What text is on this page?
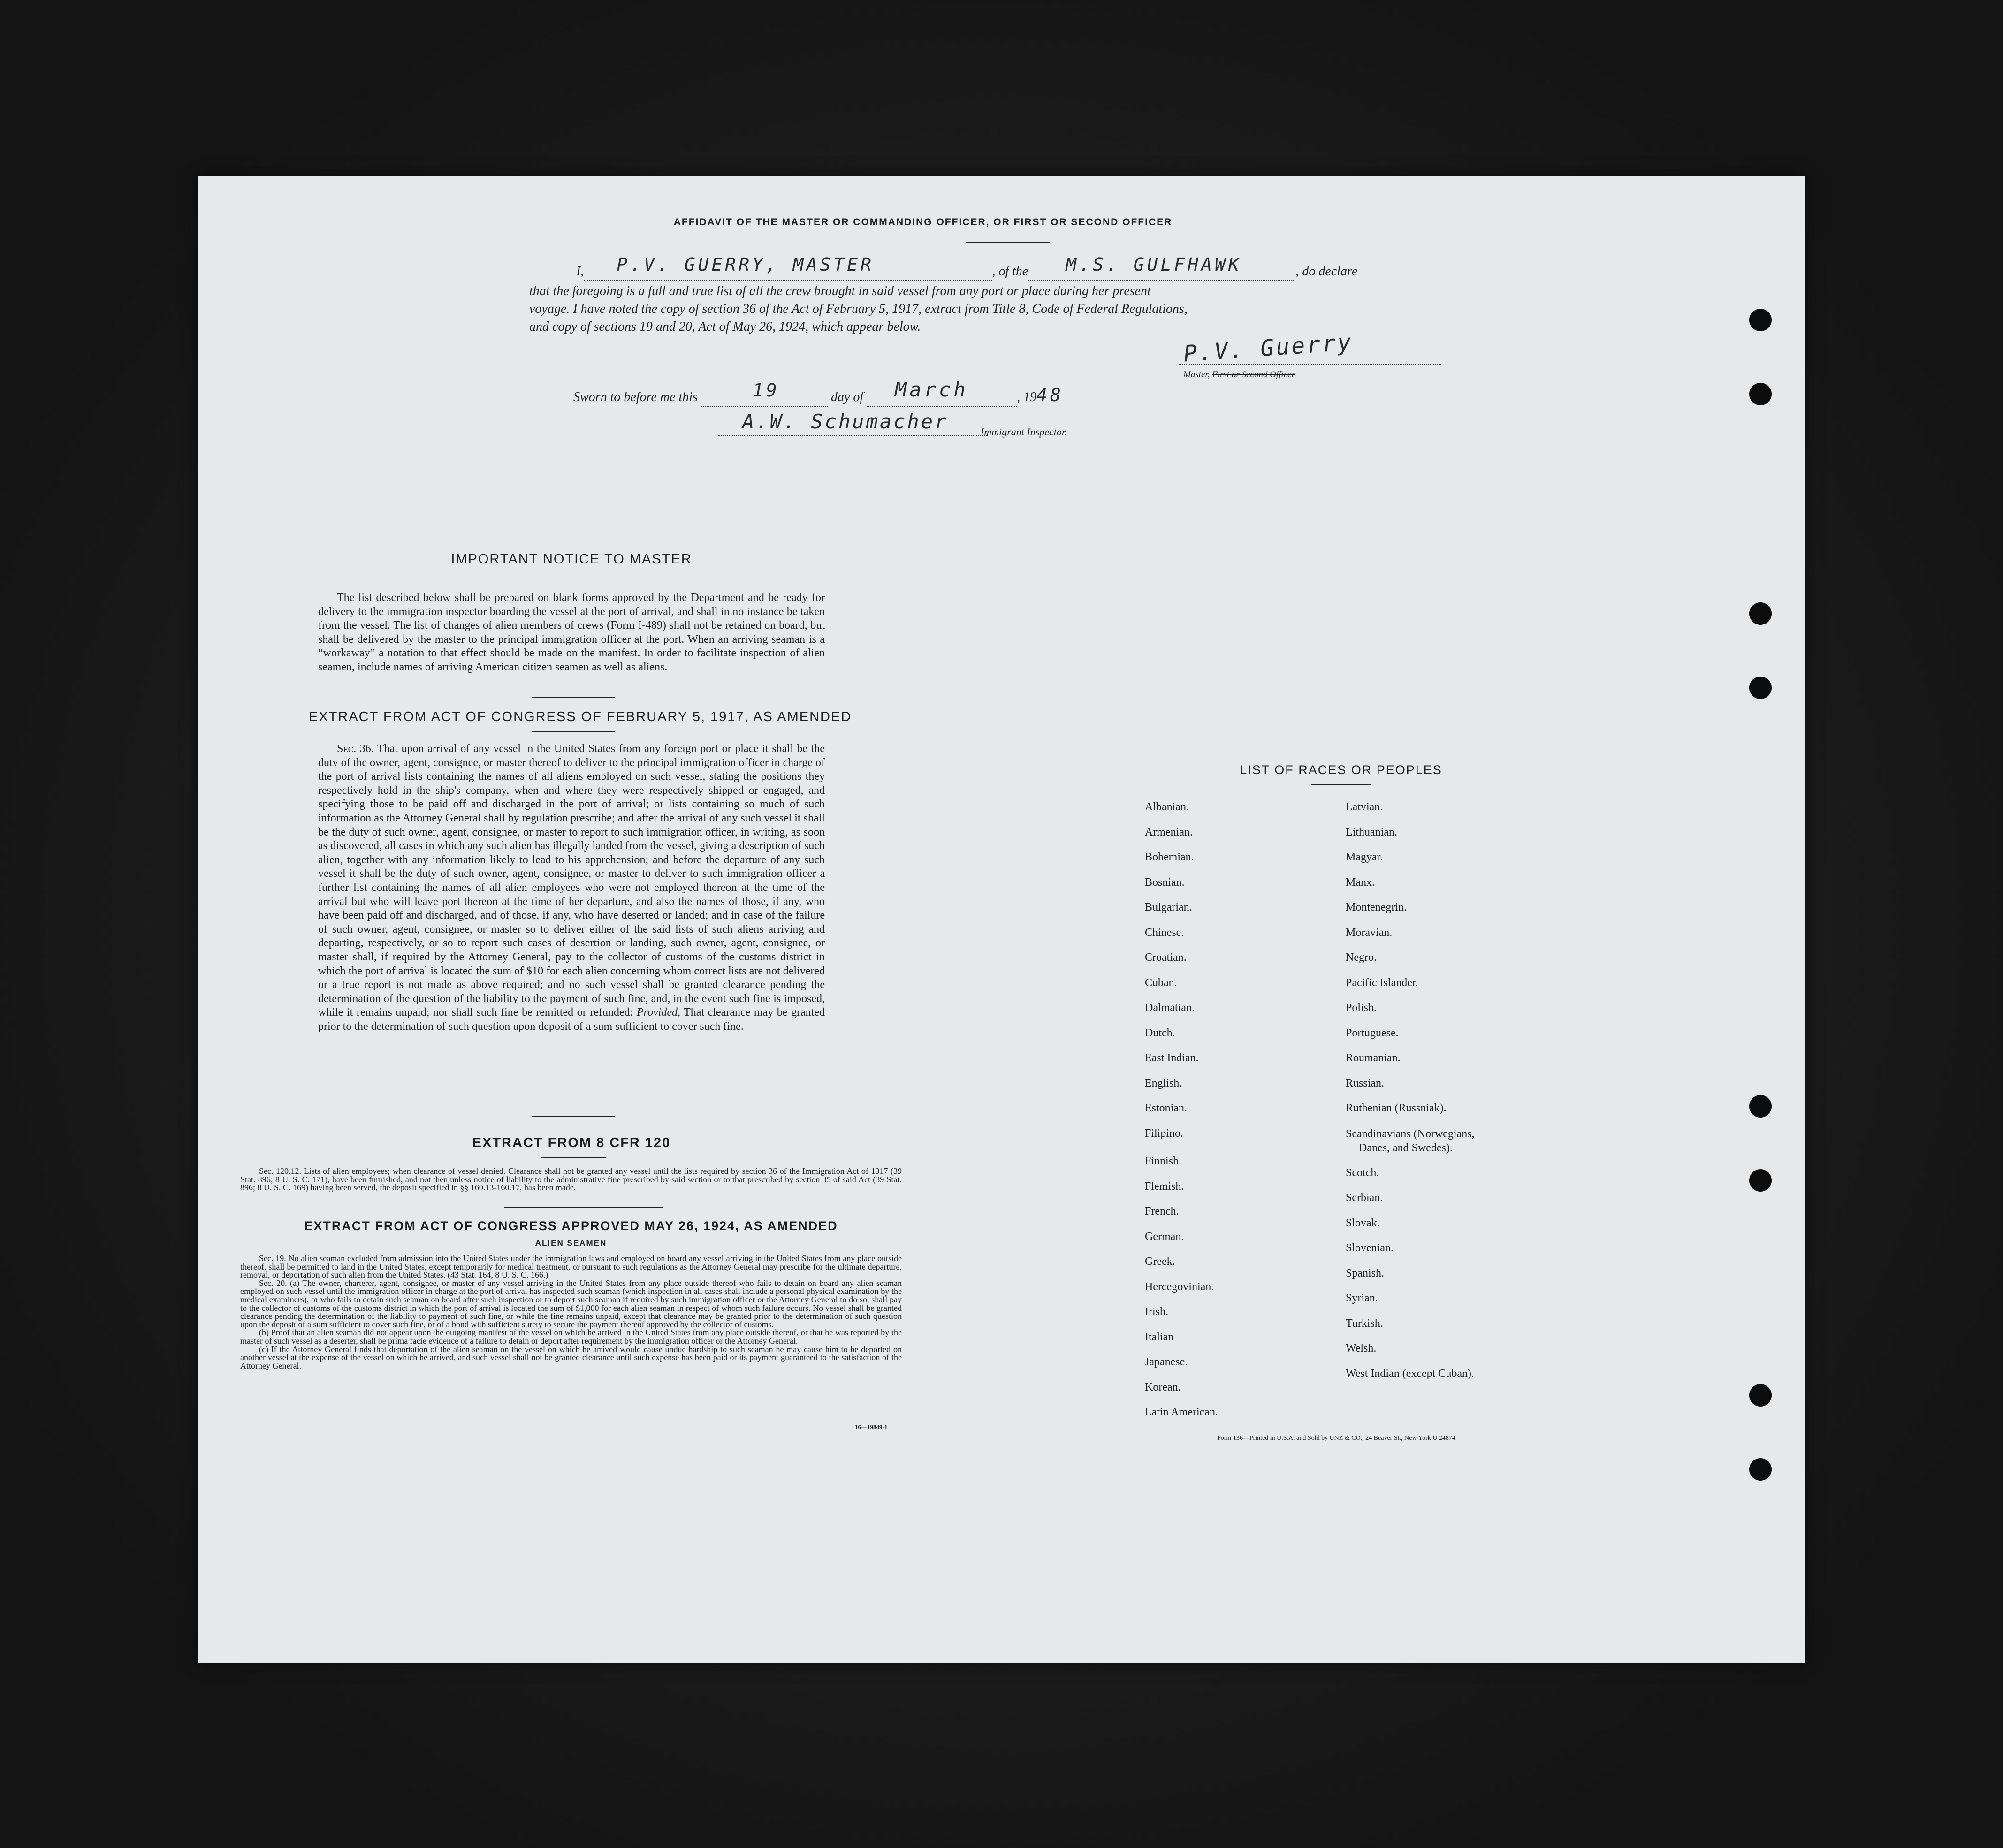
AFFIDAVIT OF THE MASTER OR COMMANDING OFFICER, OR FIRST OR SECOND OFFICER
I, P.V. GUERRY, MASTER	, of the M.S. GULFHAWK	, do declare
that the foregoing is a full and true list of all the crew brought in said vessel from any port or place during her present
voyage. I have noted the copy of section 36 of the Act of February 5, 1917, extract from Title 8, Code of Federal Regulations,
and copy of sections 19 and 20, Act of May 26, 1924, which appear below.
P.V. Guerry
Master, First or Second Officer
Sworn to before me this	19	day of March	, 1948
A.W. Schumacher	Immigrant Inspector.
IMPORTANT NOTICE TO MASTER
The list described below shall be prepared on blank forms approved by the Department and be ready for delivery to the immigration inspector boarding the vessel at the port of arrival, and shall in no instance be taken from the vessel. The list of changes of alien members of crews (Form I-489) shall not be retained on board, but shall be delivered by the master to the principal immigration officer at the port. When an arriving seaman is a “workaway” a notation to that effect should be made on the manifest. In order to facilitate inspection of alien seamen, include names of arriving American citizen seamen as well as aliens.
EXTRACT FROM ACT OF CONGRESS OF FEBRUARY 5, 1917, AS AMENDED
Sec. 36. That upon arrival of any vessel in the United States from any foreign port or place it shall be the duty of the owner, agent, consignee, or master thereof to deliver to the principal immigration officer in charge of the port of arrival lists containing the names of all aliens employed on such vessel, stating the positions they respectively hold in the ship's company, when and where they were respectively shipped or engaged, and specifying those to be paid off and discharged in the port of arrival; or lists containing so much of such information as the Attorney General shall by regulation prescribe; and after the arrival of any such vessel it shall be the duty of such owner, agent, consignee, or master to report to such immigration officer, in writing, as soon as discovered, all cases in which any such alien has illegally landed from the vessel, giving a description of such alien, together with any information likely to lead to his apprehension; and before the departure of any such vessel it shall be the duty of such owner, agent, consignee, or master to deliver to such immigration officer a further list containing the names of all alien employees who were not employed thereon at the time of the arrival but who will leave port thereon at the time of her departure, and also the names of those, if any, who have been paid off and discharged, and of those, if any, who have deserted or landed; and in case of the failure of such owner, agent, consignee, or master so to deliver either of the said lists of such aliens arriving and departing, respectively, or so to report such cases of desertion or landing, such owner, agent, consignee, or master shall, if required by the Attorney General, pay to the collector of customs of the customs district in which the port of arrival is located the sum of $10 for each alien concerning whom correct lists are not delivered or a true report is not made as above required; and no such vessel shall be granted clearance pending the determination of the question of the liability to the payment of such fine, and, in the event such fine is imposed, while it remains unpaid; nor shall such fine be remitted or refunded: Provided, That clearance may be granted prior to the determination of such question upon deposit of a sum sufficient to cover such fine.
EXTRACT FROM 8 CFR 120
Sec. 120.12. Lists of alien employees; when clearance of vessel denied. Clearance shall not be granted any vessel until the lists required by section 36 of the Immigration Act of 1917 (39 Stat. 896; 8 U. S. C. 171), have been furnished, and not then unless notice of liability to the administrative fine prescribed by said section or to that prescribed by section 35 of said Act (39 Stat. 896; 8 U. S. C. 169) having been served, the deposit specified in §§ 160.13-160.17, has been made.
EXTRACT FROM ACT OF CONGRESS APPROVED MAY 26, 1924, AS AMENDED
ALIEN SEAMEN
Sec. 19. No alien seaman excluded from admission into the United States under the immigration laws and employed on board any vessel arriving in the United States from any place outside thereof, shall be permitted to land in the United States, except temporarily for medical treatment, or pursuant to such regulations as the Attorney General may prescribe for the ultimate departure, removal, or deportation of such alien from the United States. (43 Stat. 164, 8 U. S. C. 166.)
Sec. 20. (a) The owner, charterer, agent, consignee, or master of any vessel arriving in the United States from any place outside thereof who fails to detain on board any alien seaman employed on such vessel until the immigration officer in charge at the port of arrival has inspected such seaman (which inspection in all cases shall include a personal physical examination by the medical examiners), or who fails to detain such seaman on board after such inspection or to deport such seaman if required by such immigration officer or the Attorney General to do so, shall pay to the collector of customs of the customs district in which the port of arrival is located the sum of $1,000 for each alien seaman in respect of whom such failure occurs. No vessel shall be granted clearance pending the determination of the liability to payment of such fine, or while the fine remains unpaid, except that clearance may be granted prior to the determination of such question upon the deposit of a sum sufficient to cover such fine, or of a bond with sufficient surety to secure the payment thereof approved by the collector of customs.
(b) Proof that an alien seaman did not appear upon the outgoing manifest of the vessel on which he arrived in the United States from any place outside thereof, or that he was reported by the master of such vessel as a deserter, shall be prima facie evidence of a failure to detain or deport after requirement by the immigration officer or the Attorney General.
(c) If the Attorney General finds that deportation of the alien seaman on the vessel on which he arrived would cause undue hardship to such seaman he may cause him to be deported on another vessel at the expense of the vessel on which he arrived, and such vessel shall not be granted clearance until such expense has been paid or its payment guaranteed to the satisfaction of the Attorney General.
16—19849-1
LIST OF RACES OR PEOPLES
Albanian.
Armenian.
Bohemian.
Bosnian.
Bulgarian.
Chinese.
Croatian.
Cuban.
Dalmatian.
Dutch.
East Indian.
English.
Estonian.
Filipino.
Finnish.
Flemish.
French.
German.
Greek.
Hercegovinian.
Irish.
Italian
Japanese.
Korean.
Latin American.
Latvian.
Lithuanian.
Magyar.
Manx.
Montenegrin.
Moravian.
Negro.
Pacific Islander.
Polish.
Portuguese.
Roumanian.
Russian.
Ruthenian (Russniak).
Scandinavians (Norwegians,
Danes, and Swedes).
Scotch.
Serbian.
Slovak.
Slovenian.
Spanish.
Syrian.
Turkish.
Welsh.
West Indian (except Cuban).
Form 136—Printed in U.S.A. and Sold by UNZ & CO., 24 Beaver St., New York U 24874
